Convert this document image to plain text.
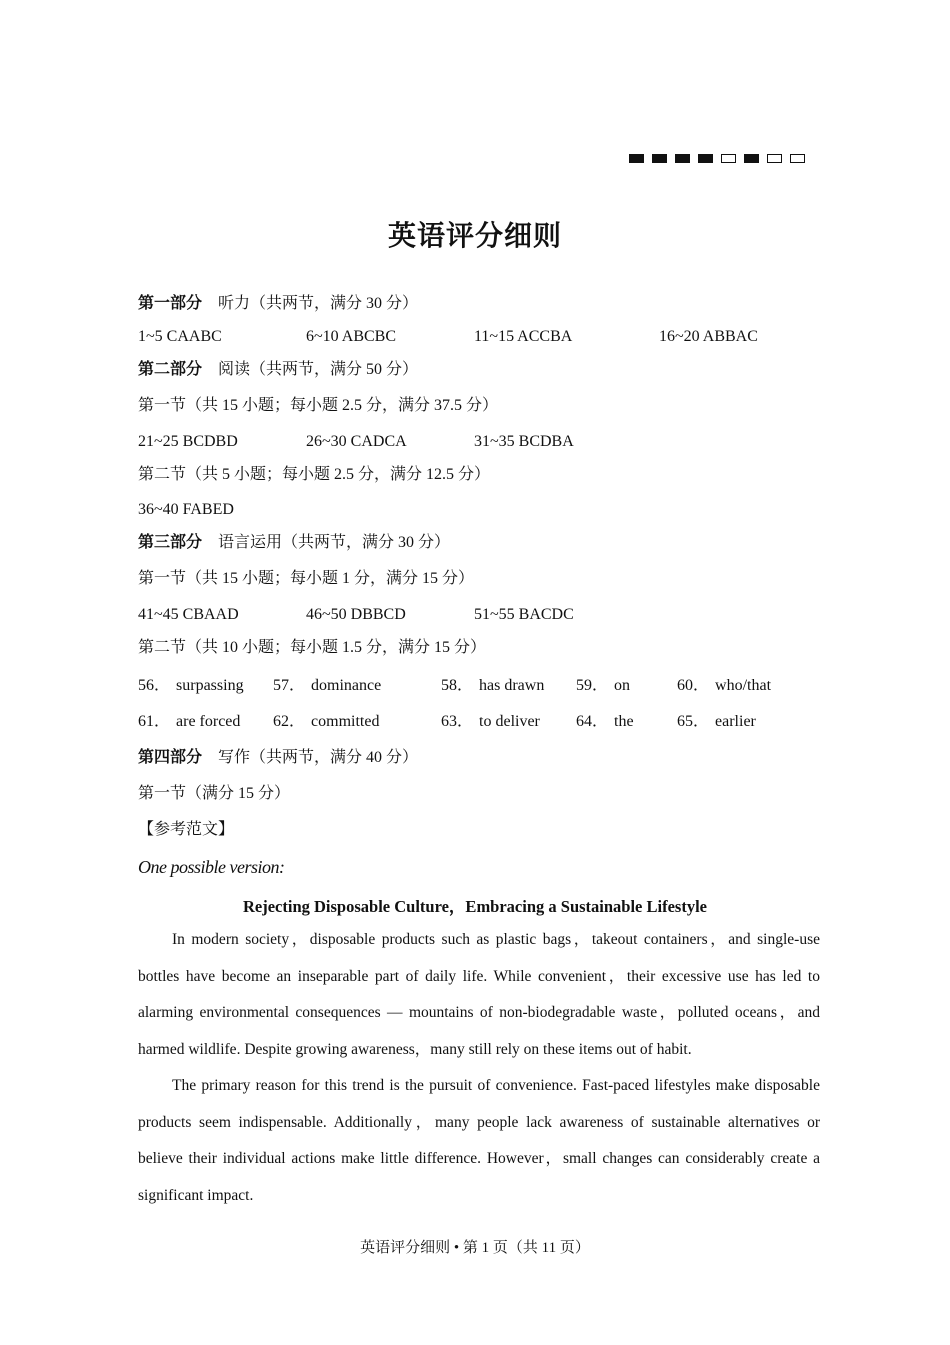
英语评分细则
第一部分 听力（共两节，满分 30 分）
1~5 CAABC	6~10 ABCBC	11~15 ACCBA	16~20 ABBAC
第二部分 阅读（共两节，满分 50 分）
第一节（共 15 小题；每小题 2.5 分，满分 37.5 分）
21~25 BCDBD	26~30 CADCA	31~35 BCDBA
第二节（共 5 小题；每小题 2.5 分，满分 12.5 分）
36~40 FABED
第三部分 语言运用（共两节，满分 30 分）
第一节（共 15 小题；每小题 1 分，满分 15 分）
41~45 CBAAD	46~50 DBBCD	51~55 BACDC
第二节（共 10 小题；每小题 1.5 分，满分 15 分）
56． surpassing 57． dominance	58． has drawn 59． on	60． who/that
61． are forced 62． committed	63． to deliver 64． the	65． earlier
第四部分 写作（共两节，满分 40 分）
第一节（满分 15 分）
【参考范文】
One possible version:
Rejecting Disposable Culture，Embracing a Sustainable Lifestyle

In modern society，disposable products such as plastic bags，takeout containers，and single-use bottles have become an inseparable part of daily life. While convenient，their excessive use has led to alarming environmental consequences — mountains of non-biodegradable waste，polluted oceans，and harmed wildlife. Despite growing awareness，many still rely on these items out of habit.

The primary reason for this trend is the pursuit of convenience. Fast-paced lifestyles make disposable products seem indispensable. Additionally，many people lack awareness of sustainable alternatives or believe their individual actions make little difference. However，small changes can considerably create a significant impact.

英语评分细则 • 第 1 页（共 11 页）
